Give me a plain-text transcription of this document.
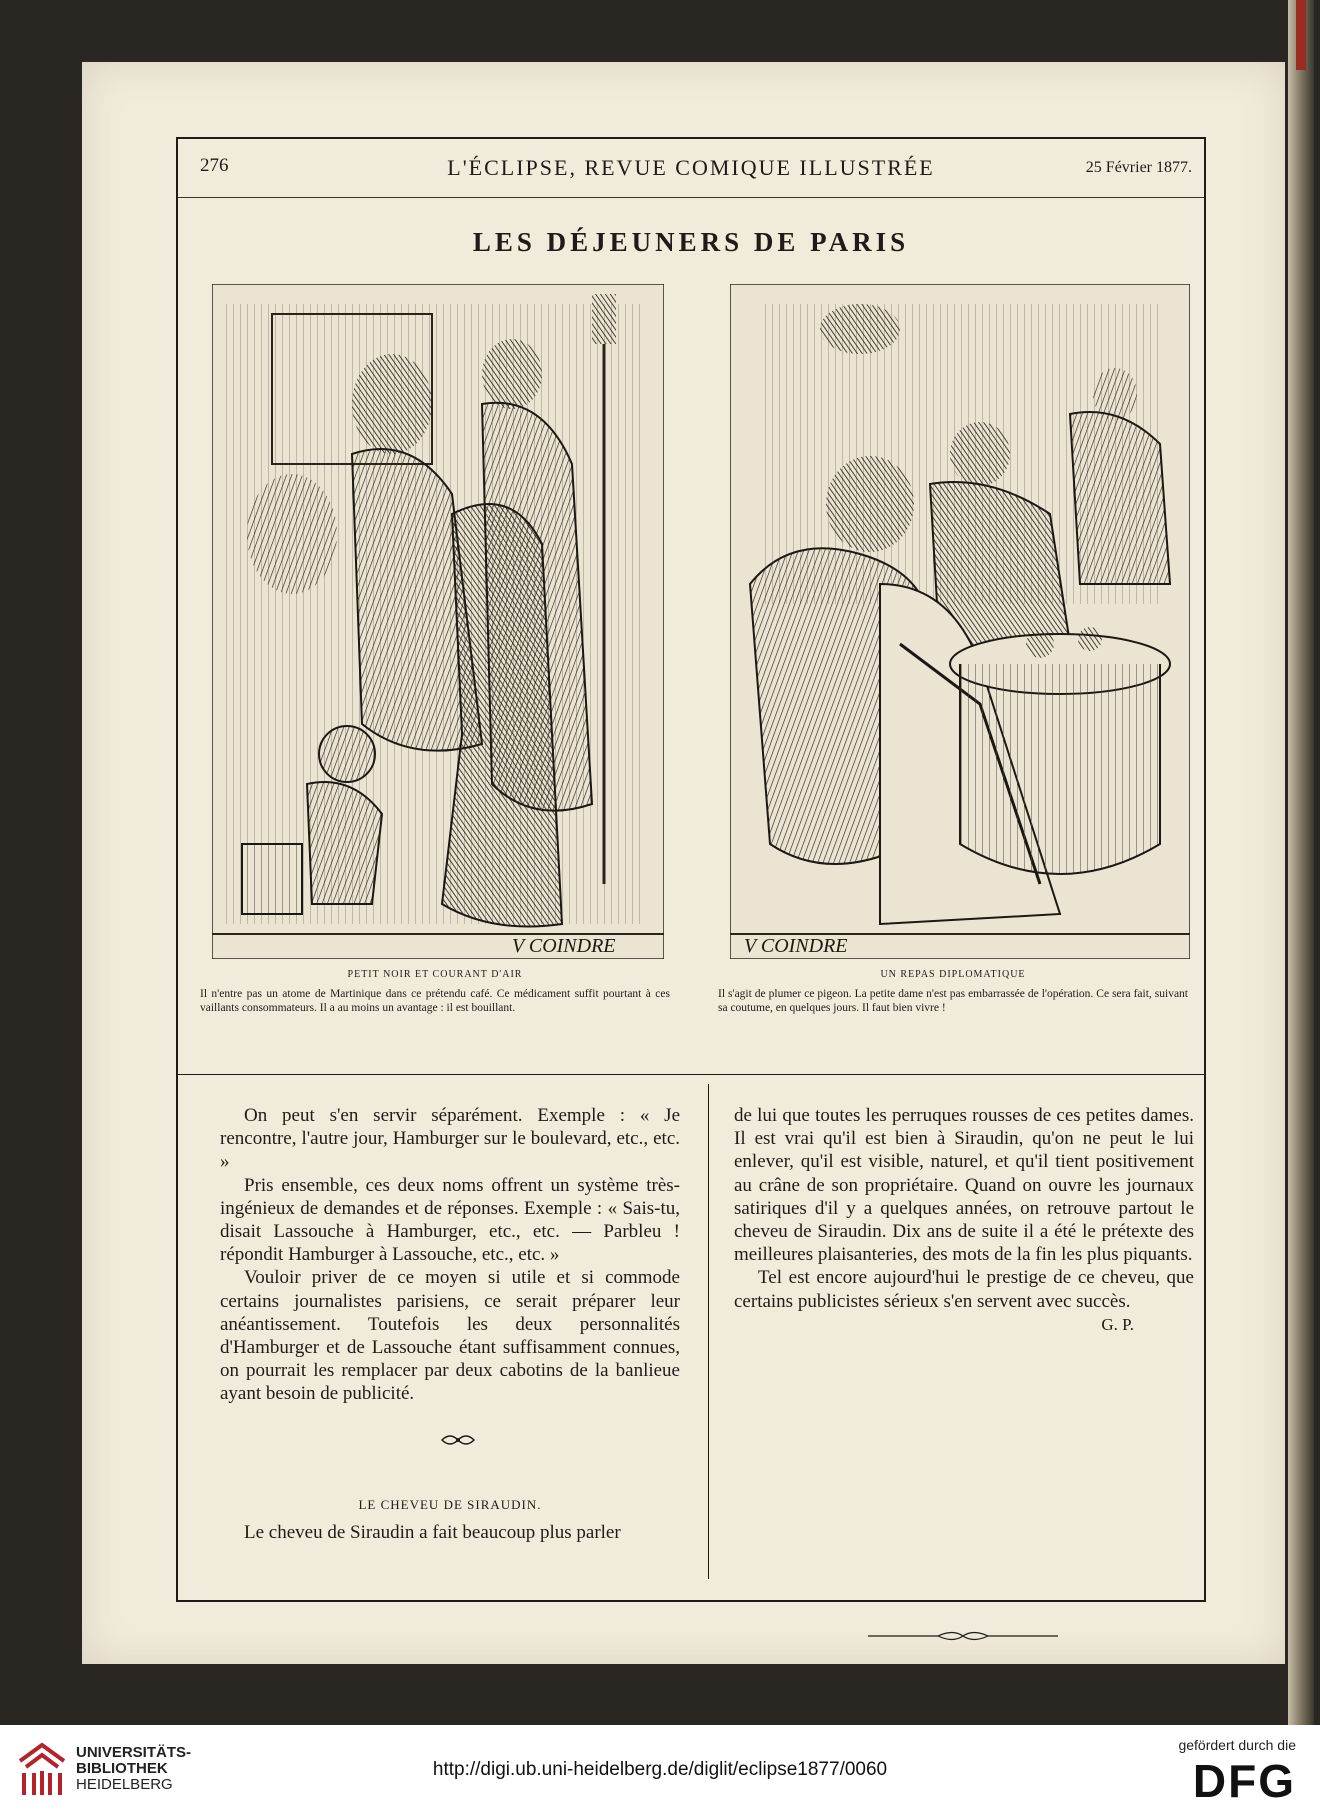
276	L'ÉCLIPSE, REVUE COMIQUE ILLUSTRÉE	25 Février 1877.
LES DÉJEUNERS DE PARIS
V COINDRE	V COINDRE
PETIT NOIR ET COURANT D'AIR
Il n'entre pas un atome de Martinique dans ce prétendu café. Ce médicament suffit pourtant à ces vaillants consommateurs. Il a au moins un avantage : il est bouillant.
UN REPAS DIPLOMATIQUE
Il s'agit de plumer ce pigeon. La petite dame n'est pas embarrassée de l'opération. Ce sera fait, suivant sa coutume, en quelques jours. Il faut bien vivre !

On peut s'en servir séparément. Exemple : « Je rencontre, l'autre jour, Hamburger sur le boulevard, etc., etc. »

Pris ensemble, ces deux noms offrent un système très-ingénieux de demandes et de réponses. Exemple : « Sais-tu, disait Lassouche à Hamburger, etc., etc. — Parbleu ! répondit Hamburger à Lassouche, etc., etc. »

Vouloir priver de ce moyen si utile et si commode certains journalistes parisiens, ce serait préparer leur anéantissement. Toutefois les deux personnalités d'Hamburger et de Lassouche étant suffisamment connues, on pourrait les remplacer par deux cabotins de la banlieue ayant besoin de publicité.

LE CHEVEU DE SIRAUDIN.
Le cheveu de Siraudin a fait beaucoup plus parler

de lui que toutes les perruques rousses de ces petites dames. Il est vrai qu'il est bien à Siraudin, qu'on ne peut le lui enlever, qu'il est visible, naturel, et qu'il tient positivement au crâne de son propriétaire. Quand on ouvre les journaux satiriques d'il y a quelques années, on retrouve partout le cheveu de Siraudin. Dix ans de suite il a été le prétexte des meilleures plaisanteries, des mots de la fin les plus piquants.

Tel est encore aujourd'hui le prestige de ce cheveu, que certains publicistes sérieux s'en servent avec succès.

G. P.

UNIVERSITÄTS-
BIBLIOTHEK
HEIDELBERG
http://digi.ub.uni-heidelberg.de/diglit/eclipse1877/0060
gefördert durch die
DFG
